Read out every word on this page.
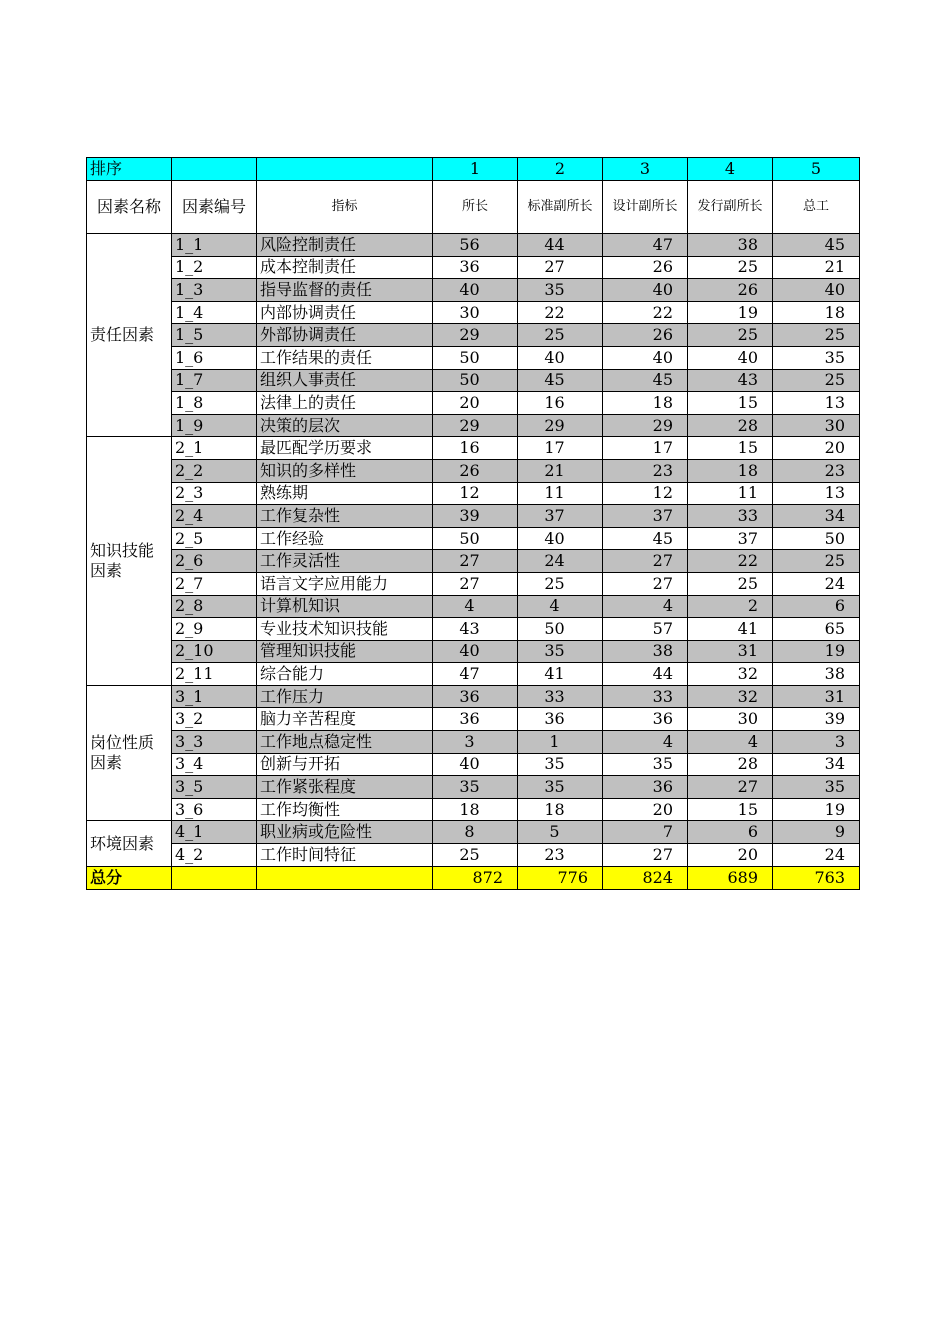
排序			1	2	3	4	5
因素名称	因素编号	指标	所长	标准副所长	设计副所长	发行副所长	总工
责任因素	1_1	风险控制责任	56	44	47	38	45
	1_2	成本控制责任	36	27	26	25	21
	1_3	指导监督的责任	40	35	40	26	40
	1_4	内部协调责任	30	22	22	19	18
	1_5	外部协调责任	29	25	26	25	25
	1_6	工作结果的责任	50	40	40	40	35
	1_7	组织人事责任	50	45	45	43	25
	1_8	法律上的责任	20	16	18	15	13
	1_9	决策的层次	29	29	29	28	30
知识技能因素	2_1	最匹配学历要求	16	17	17	15	20
	2_2	知识的多样性	26	21	23	18	23
	2_3	熟练期	12	11	12	11	13
	2_4	工作复杂性	39	37	37	33	34
	2_5	工作经验	50	40	45	37	50
	2_6	工作灵活性	27	24	27	22	25
	2_7	语言文字应用能力	27	25	27	25	24
	2_8	计算机知识	4	4	4	2	6
	2_9	专业技术知识技能	43	50	57	41	65
	2_10	管理知识技能	40	35	38	31	19
	2_11	综合能力	47	41	44	32	38
岗位性质因素	3_1	工作压力	36	33	33	32	31
	3_2	脑力辛苦程度	36	36	36	30	39
	3_3	工作地点稳定性	3	1	4	4	3
	3_4	创新与开拓	40	35	35	28	34
	3_5	工作紧张程度	35	35	36	27	35
	3_6	工作均衡性	18	18	20	15	19
环境因素	4_1	职业病或危险性	8	5	7	6	9
	4_2	工作时间特征	25	23	27	20	24
总分			872	776	824	689	763
